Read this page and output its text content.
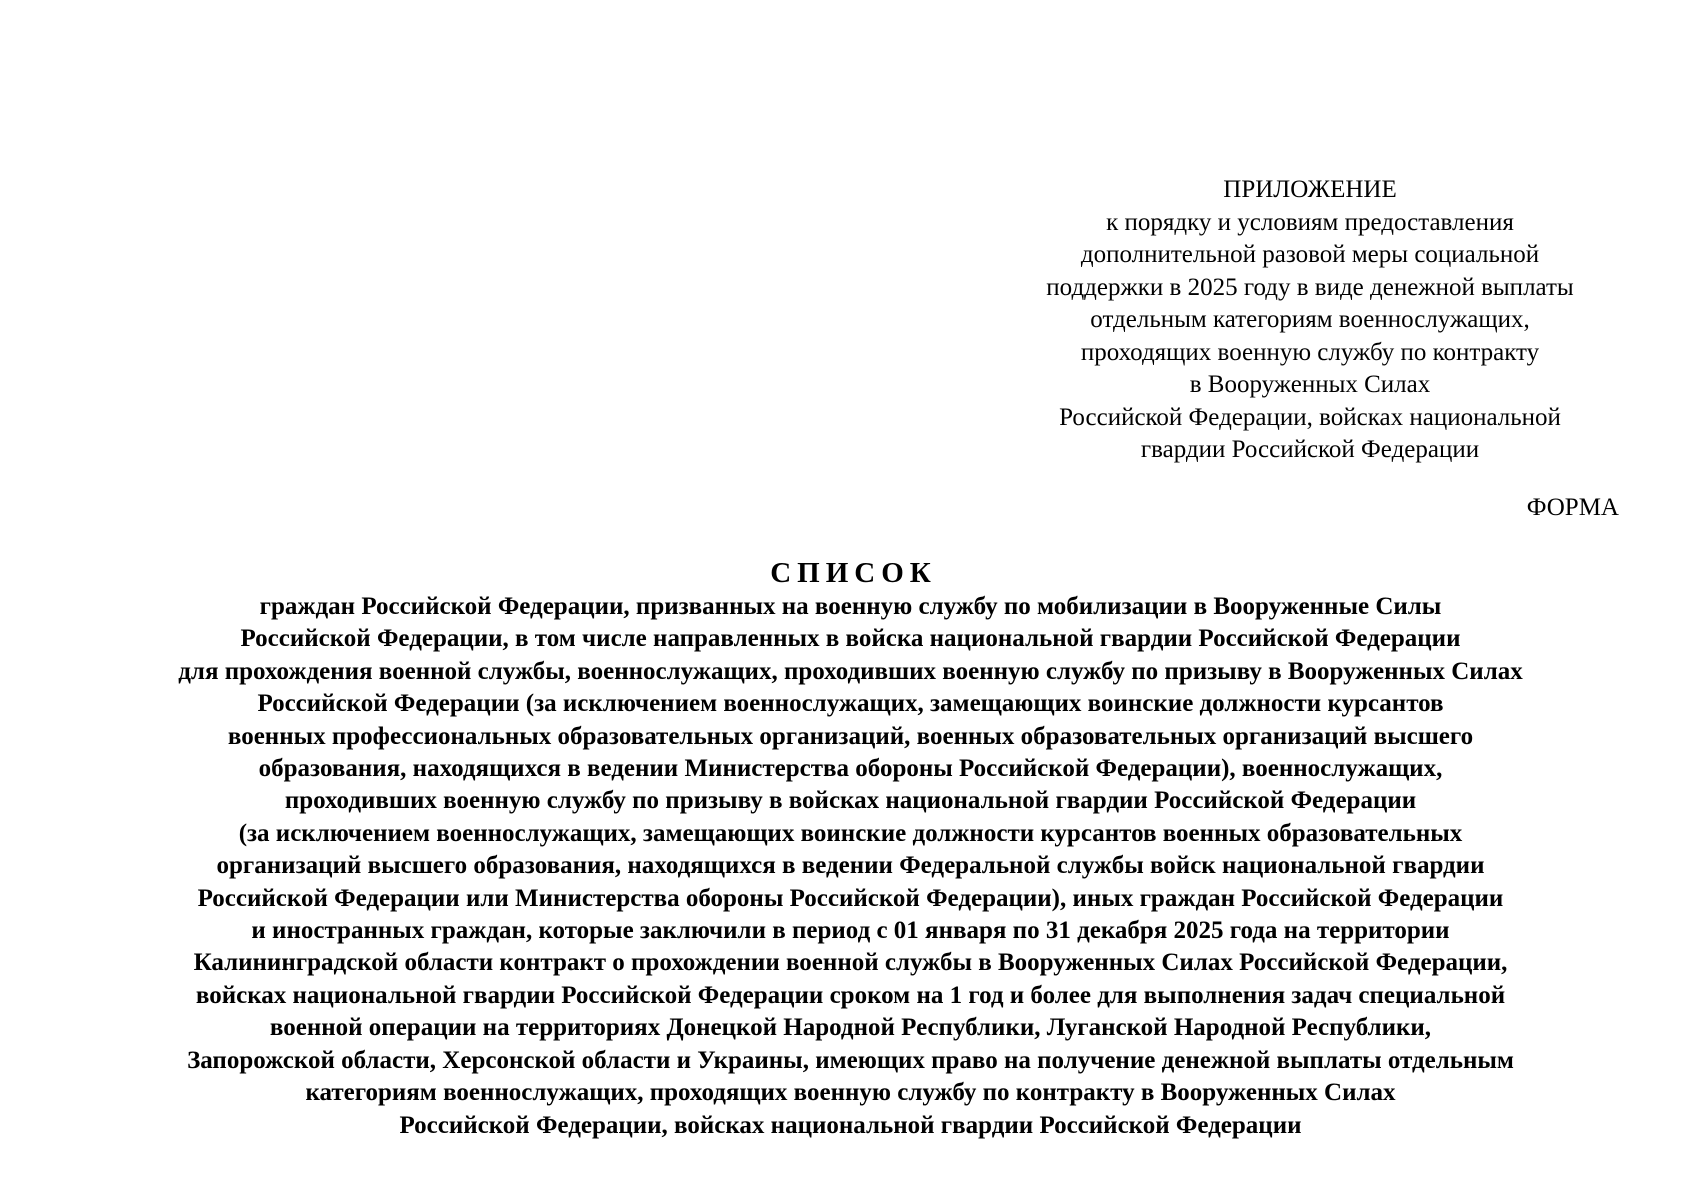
ПРИЛОЖЕНИЕ
к порядку и условиям предоставления
дополнительной разовой меры социальной
поддержки в 2025 году в виде денежной выплаты
отдельным категориям военнослужащих,
проходящих военную службу по контракту
в Вооруженных Силах
Российской Федерации, войсках национальной
гвардии Российской Федерации
ФОРМА
СПИСОК
граждан Российской Федерации, призванных на военную службу по мобилизации в Вооруженные Силы
Российской Федерации, в том числе направленных в войска национальной гвардии Российской Федерации
для прохождения военной службы, военнослужащих, проходивших военную службу по призыву в Вооруженных Силах
Российской Федерации (за исключением военнослужащих, замещающих воинские должности курсантов
военных профессиональных образовательных организаций, военных образовательных организаций высшего
образования, находящихся в ведении Министерства обороны Российской Федерации), военнослужащих,
проходивших военную службу по призыву в войсках национальной гвардии Российской Федерации
(за исключением военнослужащих, замещающих воинские должности курсантов военных образовательных
организаций высшего образования, находящихся в ведении Федеральной службы войск национальной гвардии
Российской Федерации или Министерства обороны Российской Федерации), иных граждан Российской Федерации
и иностранных граждан, которые заключили в период с 01 января по 31 декабря 2025 года на территории
Калининградской области контракт о прохождении военной службы в Вооруженных Силах Российской Федерации,
войсках национальной гвардии Российской Федерации сроком на 1 год и более для выполнения задач специальной
военной операции на территориях Донецкой Народной Республики, Луганской Народной Республики,
Запорожской области, Херсонской области и Украины, имеющих право на получение денежной выплаты отдельным
категориям военнослужащих, проходящих военную службу по контракту в Вооруженных Силах
Российской Федерации, войсках национальной гвардии Российской Федерации
